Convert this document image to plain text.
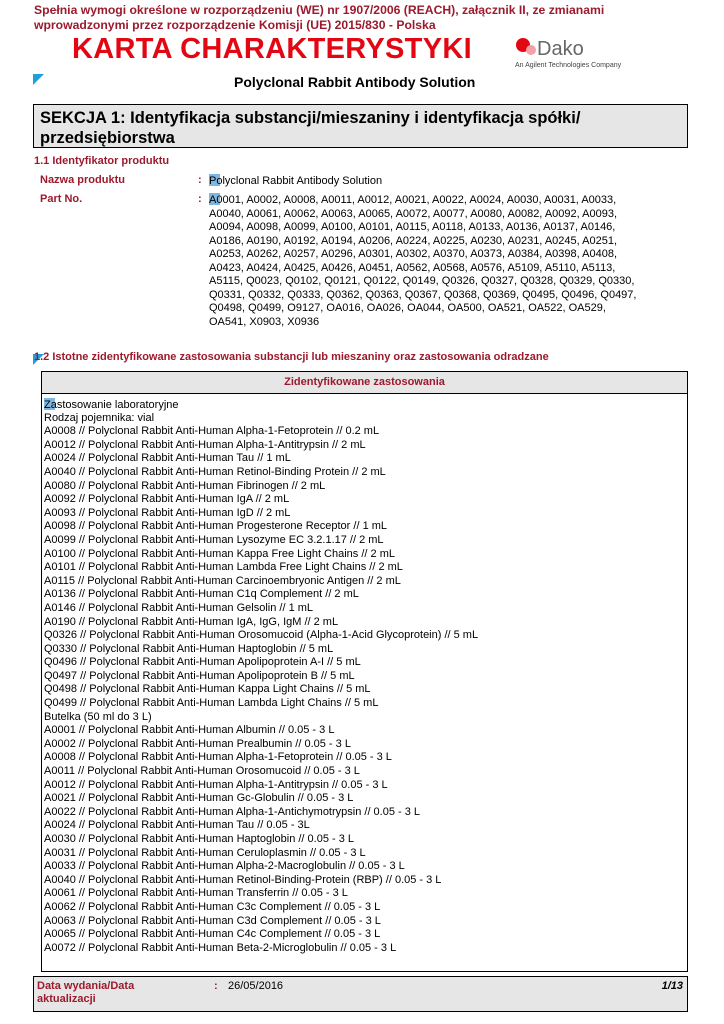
Spełnia wymogi określone w rozporządzeniu (WE) nr 1907/2006 (REACH), załącznik II, ze zmianami
wprowadzonymi przez rozporządzenie Komisji (UE) 2015/830 - Polska
KARTA CHARAKTERYSTYKI	Dako
An Agilent Technologies Company
Polyclonal Rabbit Antibody Solution
SEKCJA 1: Identyfikacja substancji/mieszaniny i identyfikacja spółki/
przedsiębiorstwa
1.1 Identyfikator produktu
Nazwa produktu	: Polyclonal Rabbit Antibody Solution
Part No.	: A0001, A0002, A0008, A0011, A0012, A0021, A0022, A0024, A0030, A0031, A0033,
A0040, A0061, A0062, A0063, A0065, A0072, A0077, A0080, A0082, A0092, A0093,
A0094, A0098, A0099, A0100, A0101, A0115, A0118, A0133, A0136, A0137, A0146,
A0186, A0190, A0192, A0194, A0206, A0224, A0225, A0230, A0231, A0245, A0251,
A0253, A0262, A0257, A0296, A0301, A0302, A0370, A0373, A0384, A0398, A0408,
A0423, A0424, A0425, A0426, A0451, A0562, A0568, A0576, A5109, A5110, A5113,
A5115, Q0023, Q0102, Q0121, Q0122, Q0149, Q0326, Q0327, Q0328, Q0329, Q0330,
Q0331, Q0332, Q0333, Q0362, Q0363, Q0367, Q0368, Q0369, Q0495, Q0496, Q0497,
Q0498, Q0499, O9127, OA016, OA026, OA044, OA500, OA521, OA522, OA529,
OA541, X0903, X0936
1.2 Istotne zidentyfikowane zastosowania substancji lub mieszaniny oraz zastosowania odradzane
Zidentyfikowane zastosowania
Zastosowanie laboratoryjne
Rodzaj pojemnika: vial
A0008 // Polyclonal Rabbit Anti-Human Alpha-1-Fetoprotein // 0.2 mL
A0012 // Polyclonal Rabbit Anti-Human Alpha-1-Antitrypsin // 2 mL
A0024 // Polyclonal Rabbit Anti-Human Tau // 1 mL
A0040 // Polyclonal Rabbit Anti-Human Retinol-Binding Protein // 2 mL
A0080 // Polyclonal Rabbit Anti-Human Fibrinogen // 2 mL
A0092 // Polyclonal Rabbit Anti-Human IgA // 2 mL
A0093 // Polyclonal Rabbit Anti-Human IgD // 2 mL
A0098 // Polyclonal Rabbit Anti-Human Progesterone Receptor // 1 mL
A0099 // Polyclonal Rabbit Anti-Human Lysozyme EC 3.2.1.17 // 2 mL
A0100 // Polyclonal Rabbit Anti-Human Kappa Free Light Chains // 2 mL
A0101 // Polyclonal Rabbit Anti-Human Lambda Free Light Chains // 2 mL
A0115 // Polyclonal Rabbit Anti-Human Carcinoembryonic Antigen // 2 mL
A0136 // Polyclonal Rabbit Anti-Human C1q Complement // 2 mL
A0146 // Polyclonal Rabbit Anti-Human Gelsolin // 1 mL
A0190 // Polyclonal Rabbit Anti-Human IgA, IgG, IgM // 2 mL
Q0326 // Polyclonal Rabbit Anti-Human Orosomucoid (Alpha-1-Acid Glycoprotein) // 5 mL
Q0330 // Polyclonal Rabbit Anti-Human Haptoglobin // 5 mL
Q0496 // Polyclonal Rabbit Anti-Human Apolipoprotein A-I // 5 mL
Q0497 // Polyclonal Rabbit Anti-Human Apolipoprotein B // 5 mL
Q0498 // Polyclonal Rabbit Anti-Human Kappa Light Chains // 5 mL
Q0499 // Polyclonal Rabbit Anti-Human Lambda Light Chains // 5 mL
Butelka (50 ml do 3 L)
A0001 // Polyclonal Rabbit Anti-Human Albumin // 0.05 - 3 L
A0002 // Polyclonal Rabbit Anti-Human Prealbumin // 0.05 - 3 L
A0008 // Polyclonal Rabbit Anti-Human Alpha-1-Fetoprotein // 0.05 - 3 L
A0011 // Polyclonal Rabbit Anti-Human Orosomucoid // 0.05 - 3 L
A0012 // Polyclonal Rabbit Anti-Human Alpha-1-Antitrypsin // 0.05 - 3 L
A0021 // Polyclonal Rabbit Anti-Human Gc-Globulin // 0.05 - 3 L
A0022 // Polyclonal Rabbit Anti-Human Alpha-1-Antichymotrypsin // 0.05 - 3 L
A0024 // Polyclonal Rabbit Anti-Human Tau // 0.05 - 3L
A0030 // Polyclonal Rabbit Anti-Human Haptoglobin // 0.05 - 3 L
A0031 // Polyclonal Rabbit Anti-Human Ceruloplasmin // 0.05 - 3 L
A0033 // Polyclonal Rabbit Anti-Human Alpha-2-Macroglobulin // 0.05 - 3 L
A0040 // Polyclonal Rabbit Anti-Human Retinol-Binding-Protein (RBP) // 0.05 - 3 L
A0061 // Polyclonal Rabbit Anti-Human Transferrin // 0.05 - 3 L
A0062 // Polyclonal Rabbit Anti-Human C3c Complement // 0.05 - 3 L
A0063 // Polyclonal Rabbit Anti-Human C3d Complement // 0.05 - 3 L
A0065 // Polyclonal Rabbit Anti-Human C4c Complement // 0.05 - 3 L
A0072 // Polyclonal Rabbit Anti-Human Beta-2-Microglobulin // 0.05 - 3 L
Data wydania/Data
aktualizacji
: 26/05/2016	1/13
